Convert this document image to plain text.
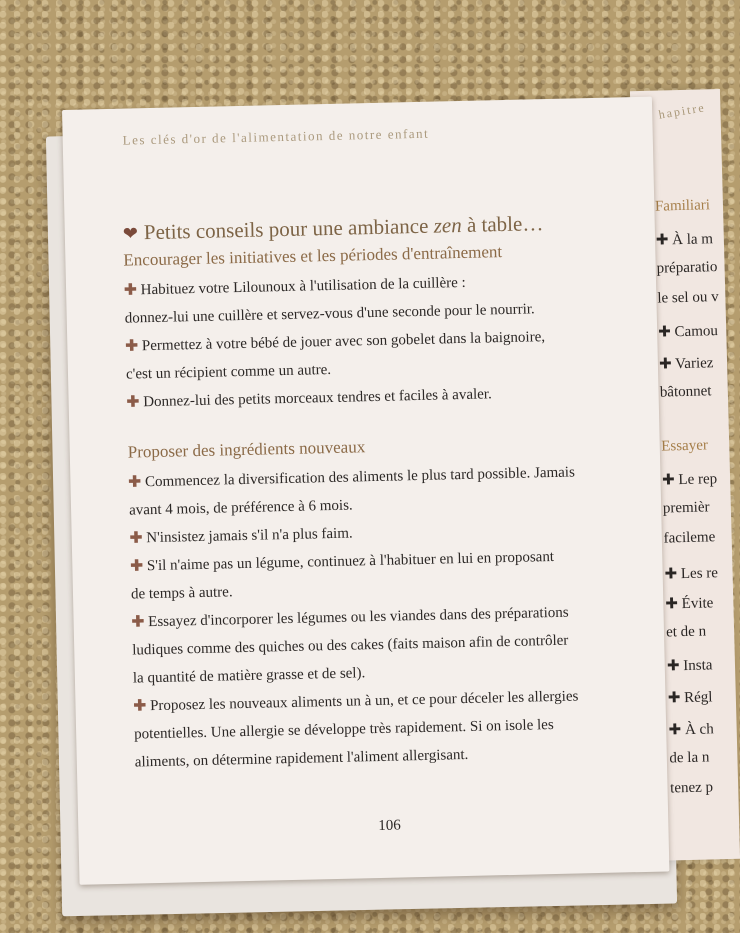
hapitre
Familiari
✚ À la m
préparatio
le sel ou v
✚ Camou
✚ Variez
bâtonnet
Essayer
✚ Le rep
premièr
facileme
✚ Les re
✚ Évite
et de n
✚ Insta
✚ Régl
✚ À ch
de la n
tenez p
Les clés d'or de l'alimentation de notre enfant
❤ Petits conseils pour une ambiance zen à table…
Encourager les initiatives et les périodes d'entraînement
✚ Habituez votre Lilounoux à l'utilisation de la cuillère :
donnez-lui une cuillère et servez-vous d'une seconde pour le nourrir.
✚ Permettez à votre bébé de jouer avec son gobelet dans la baignoire,
c'est un récipient comme un autre.
✚ Donnez-lui des petits morceaux tendres et faciles à avaler.
Proposer des ingrédients nouveaux
✚ Commencez la diversification des aliments le plus tard possible. Jamais
avant 4 mois, de préférence à 6 mois.
✚ N'insistez jamais s'il n'a plus faim.
✚ S'il n'aime pas un légume, continuez à l'habituer en lui en proposant
de temps à autre.
✚ Essayez d'incorporer les légumes ou les viandes dans des préparations
ludiques comme des quiches ou des cakes (faits maison afin de contrôler
la quantité de matière grasse et de sel).
✚ Proposez les nouveaux aliments un à un, et ce pour déceler les allergies
potentielles. Une allergie se développe très rapidement. Si on isole les
aliments, on détermine rapidement l'aliment allergisant.
106
